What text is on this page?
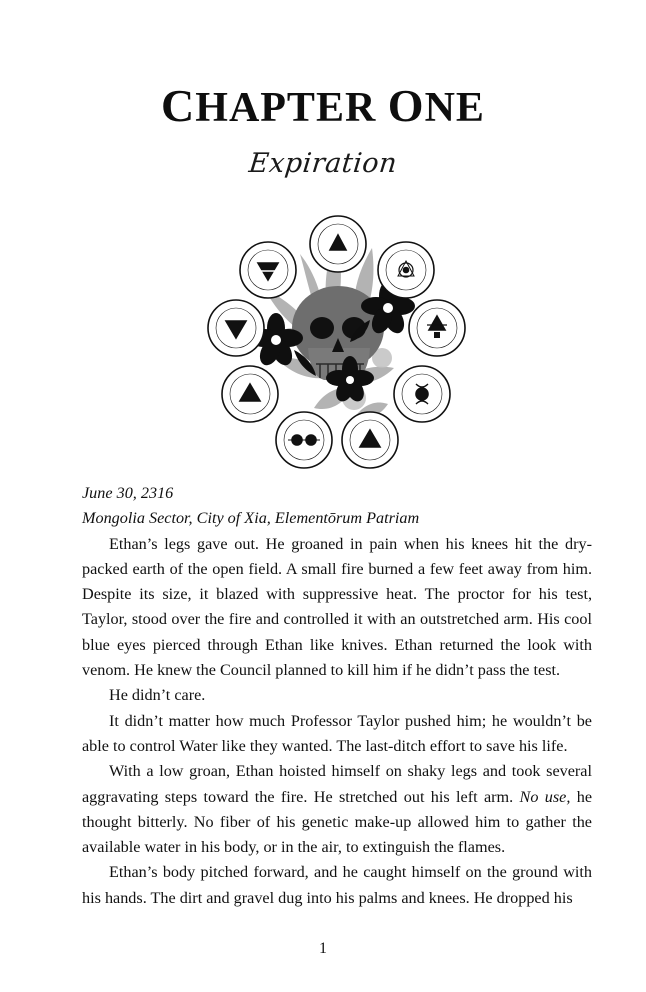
CHAPTER ONE
Expiration

June 30, 2316

Mongolia Sector, City of Xia, Elementōrum Patriam

Ethan’s legs gave out. He groaned in pain when his knees hit the dry-packed earth of the open field. A small fire burned a few feet away from him. Despite its size, it blazed with suppressive heat. The proctor for his test, Taylor, stood over the fire and controlled it with an outstretched arm. His cool blue eyes pierced through Ethan like knives. Ethan returned the look with venom. He knew the Council planned to kill him if he didn’t pass the test.

He didn’t care.

It didn’t matter how much Professor Taylor pushed him; he wouldn’t be able to control Water like they wanted. The last-ditch effort to save his life.

With a low groan, Ethan hoisted himself on shaky legs and took several aggravating steps toward the fire. He stretched out his left arm. No use, he thought bitterly. No fiber of his genetic make-up allowed him to gather the available water in his body, or in the air, to extinguish the flames.

Ethan’s body pitched forward, and he caught himself on the ground with his hands. The dirt and gravel dug into his palms and knees. He dropped his

1
